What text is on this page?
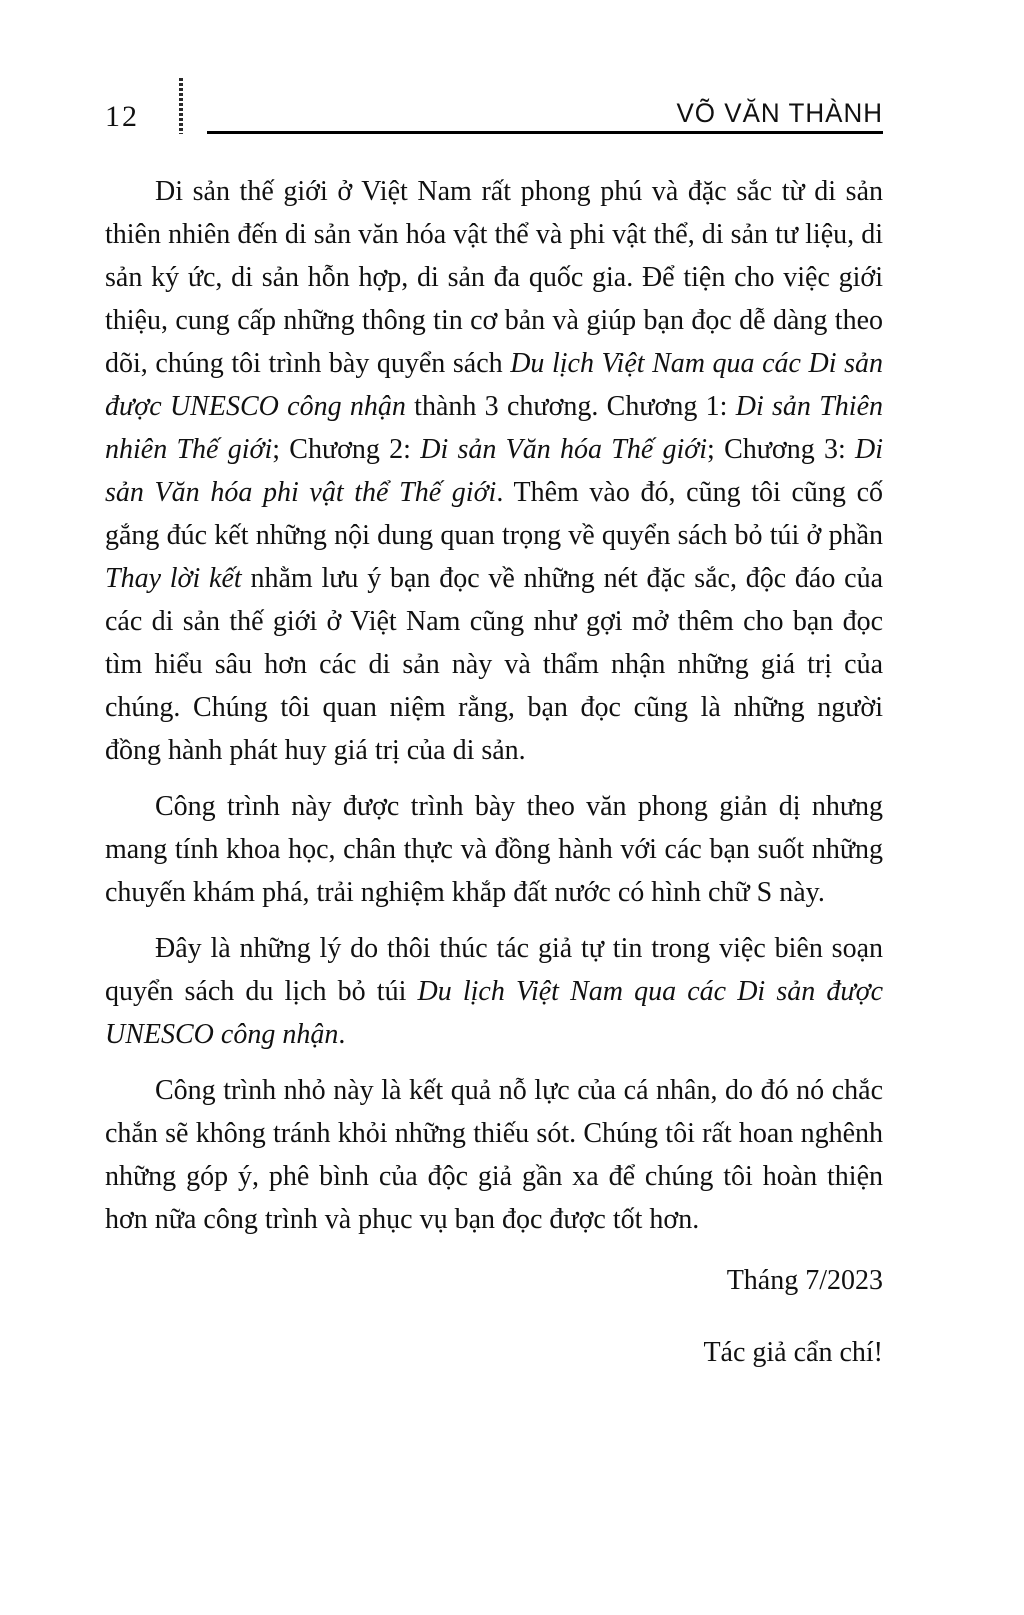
12	VÕ VĂN THÀNH

Di sản thế giới ở Việt Nam rất phong phú và đặc sắc từ di sản thiên nhiên đến di sản văn hóa vật thể và phi vật thể, di sản tư liệu, di sản ký ức, di sản hỗn hợp, di sản đa quốc gia. Để tiện cho việc giới thiệu, cung cấp những thông tin cơ bản và giúp bạn đọc dễ dàng theo dõi, chúng tôi trình bày quyển sách Du lịch Việt Nam qua các Di sản được UNESCO công nhận thành 3 chương. Chương 1: Di sản Thiên nhiên Thế giới; Chương 2: Di sản Văn hóa Thế giới; Chương 3: Di sản Văn hóa phi vật thể Thế giới. Thêm vào đó, cũng tôi cũng cố gắng đúc kết những nội dung quan trọng về quyển sách bỏ túi ở phần Thay lời kết nhằm lưu ý bạn đọc về những nét đặc sắc, độc đáo của các di sản thế giới ở Việt Nam cũng như gợi mở thêm cho bạn đọc tìm hiểu sâu hơn các di sản này và thẩm nhận những giá trị của chúng. Chúng tôi quan niệm rằng, bạn đọc cũng là những người đồng hành phát huy giá trị của di sản.

Công trình này được trình bày theo văn phong giản dị nhưng mang tính khoa học, chân thực và đồng hành với các bạn suốt những chuyến khám phá, trải nghiệm khắp đất nước có hình chữ S này.

Đây là những lý do thôi thúc tác giả tự tin trong việc biên soạn quyển sách du lịch bỏ túi Du lịch Việt Nam qua các Di sản được UNESCO công nhận.

Công trình nhỏ này là kết quả nỗ lực của cá nhân, do đó nó chắc chắn sẽ không tránh khỏi những thiếu sót. Chúng tôi rất hoan nghênh những góp ý, phê bình của độc giả gần xa để chúng tôi hoàn thiện hơn nữa công trình và phục vụ bạn đọc được tốt hơn.

Tháng 7/2023

Tác giả cẩn chí!
